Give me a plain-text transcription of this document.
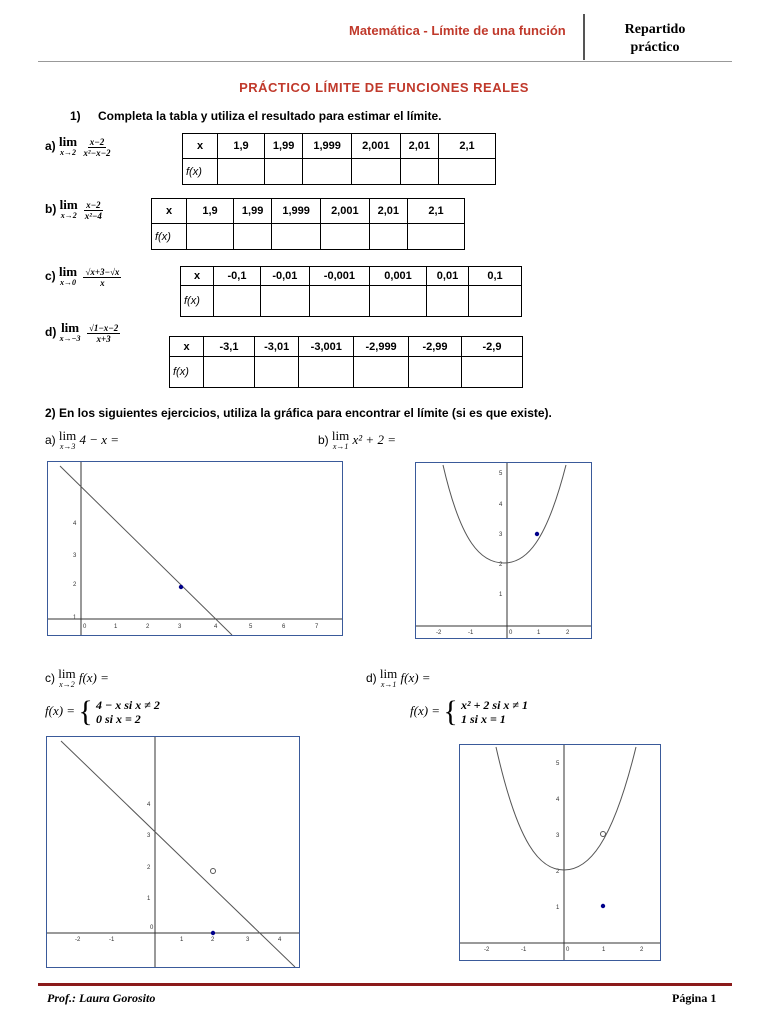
Matemática - Límite de una función	Repartido
práctico
PRÁCTICO LÍMITE DE FUNCIONES REALES
1) Completa la tabla y utiliza el resultado para estimar el límite.
a) lim
x→2
$\frac{x-2}{\text{x²−x−2}}$	x	1,9	1,99	1,999	2,001	2,01	2,1
f(x)						
b) lim
x→2
$\frac{x-2}{\text{x²−4}}$	x	1,9	1,99	1,999	2,001	2,01	2,1
f(x)						
c) lim
x→0
$\frac{√x+3-√x}{x}$	x	-0,1	-0,01	-0,001	0,001	0,01	0,1
f(x)						
d) lim
x→−3
$\frac{√1-x-2}{x+3}$
x	-3,1	-3,01	-3,001	-2,999	-2,99	-2,9
f(x)						
2) En los siguientes ejercicios, utiliza la gráfica para encontrar el límite (si es que existe).
a) lim
x→3 4 − x =	b) lim
x→1 x² + 2 =
0	1	2	3	4	5	6	7
1
2
3
4
-2	-1	0	1	2
1
2
3
4
5
c) lim
x→2 f(x) =
f(x) = { 4 − x si x ≠ 2
0 si x = 2
d) lim
x→1 f(x) =
f(x) = { x² + 2 si x ≠ 1
1 si x = 1
-2	-1
0
1	2	3	4
1
2
3
4
-2	-1	0	1	2
1
2
3
4
5
Prof.: Laura Gorosito	Página 1
